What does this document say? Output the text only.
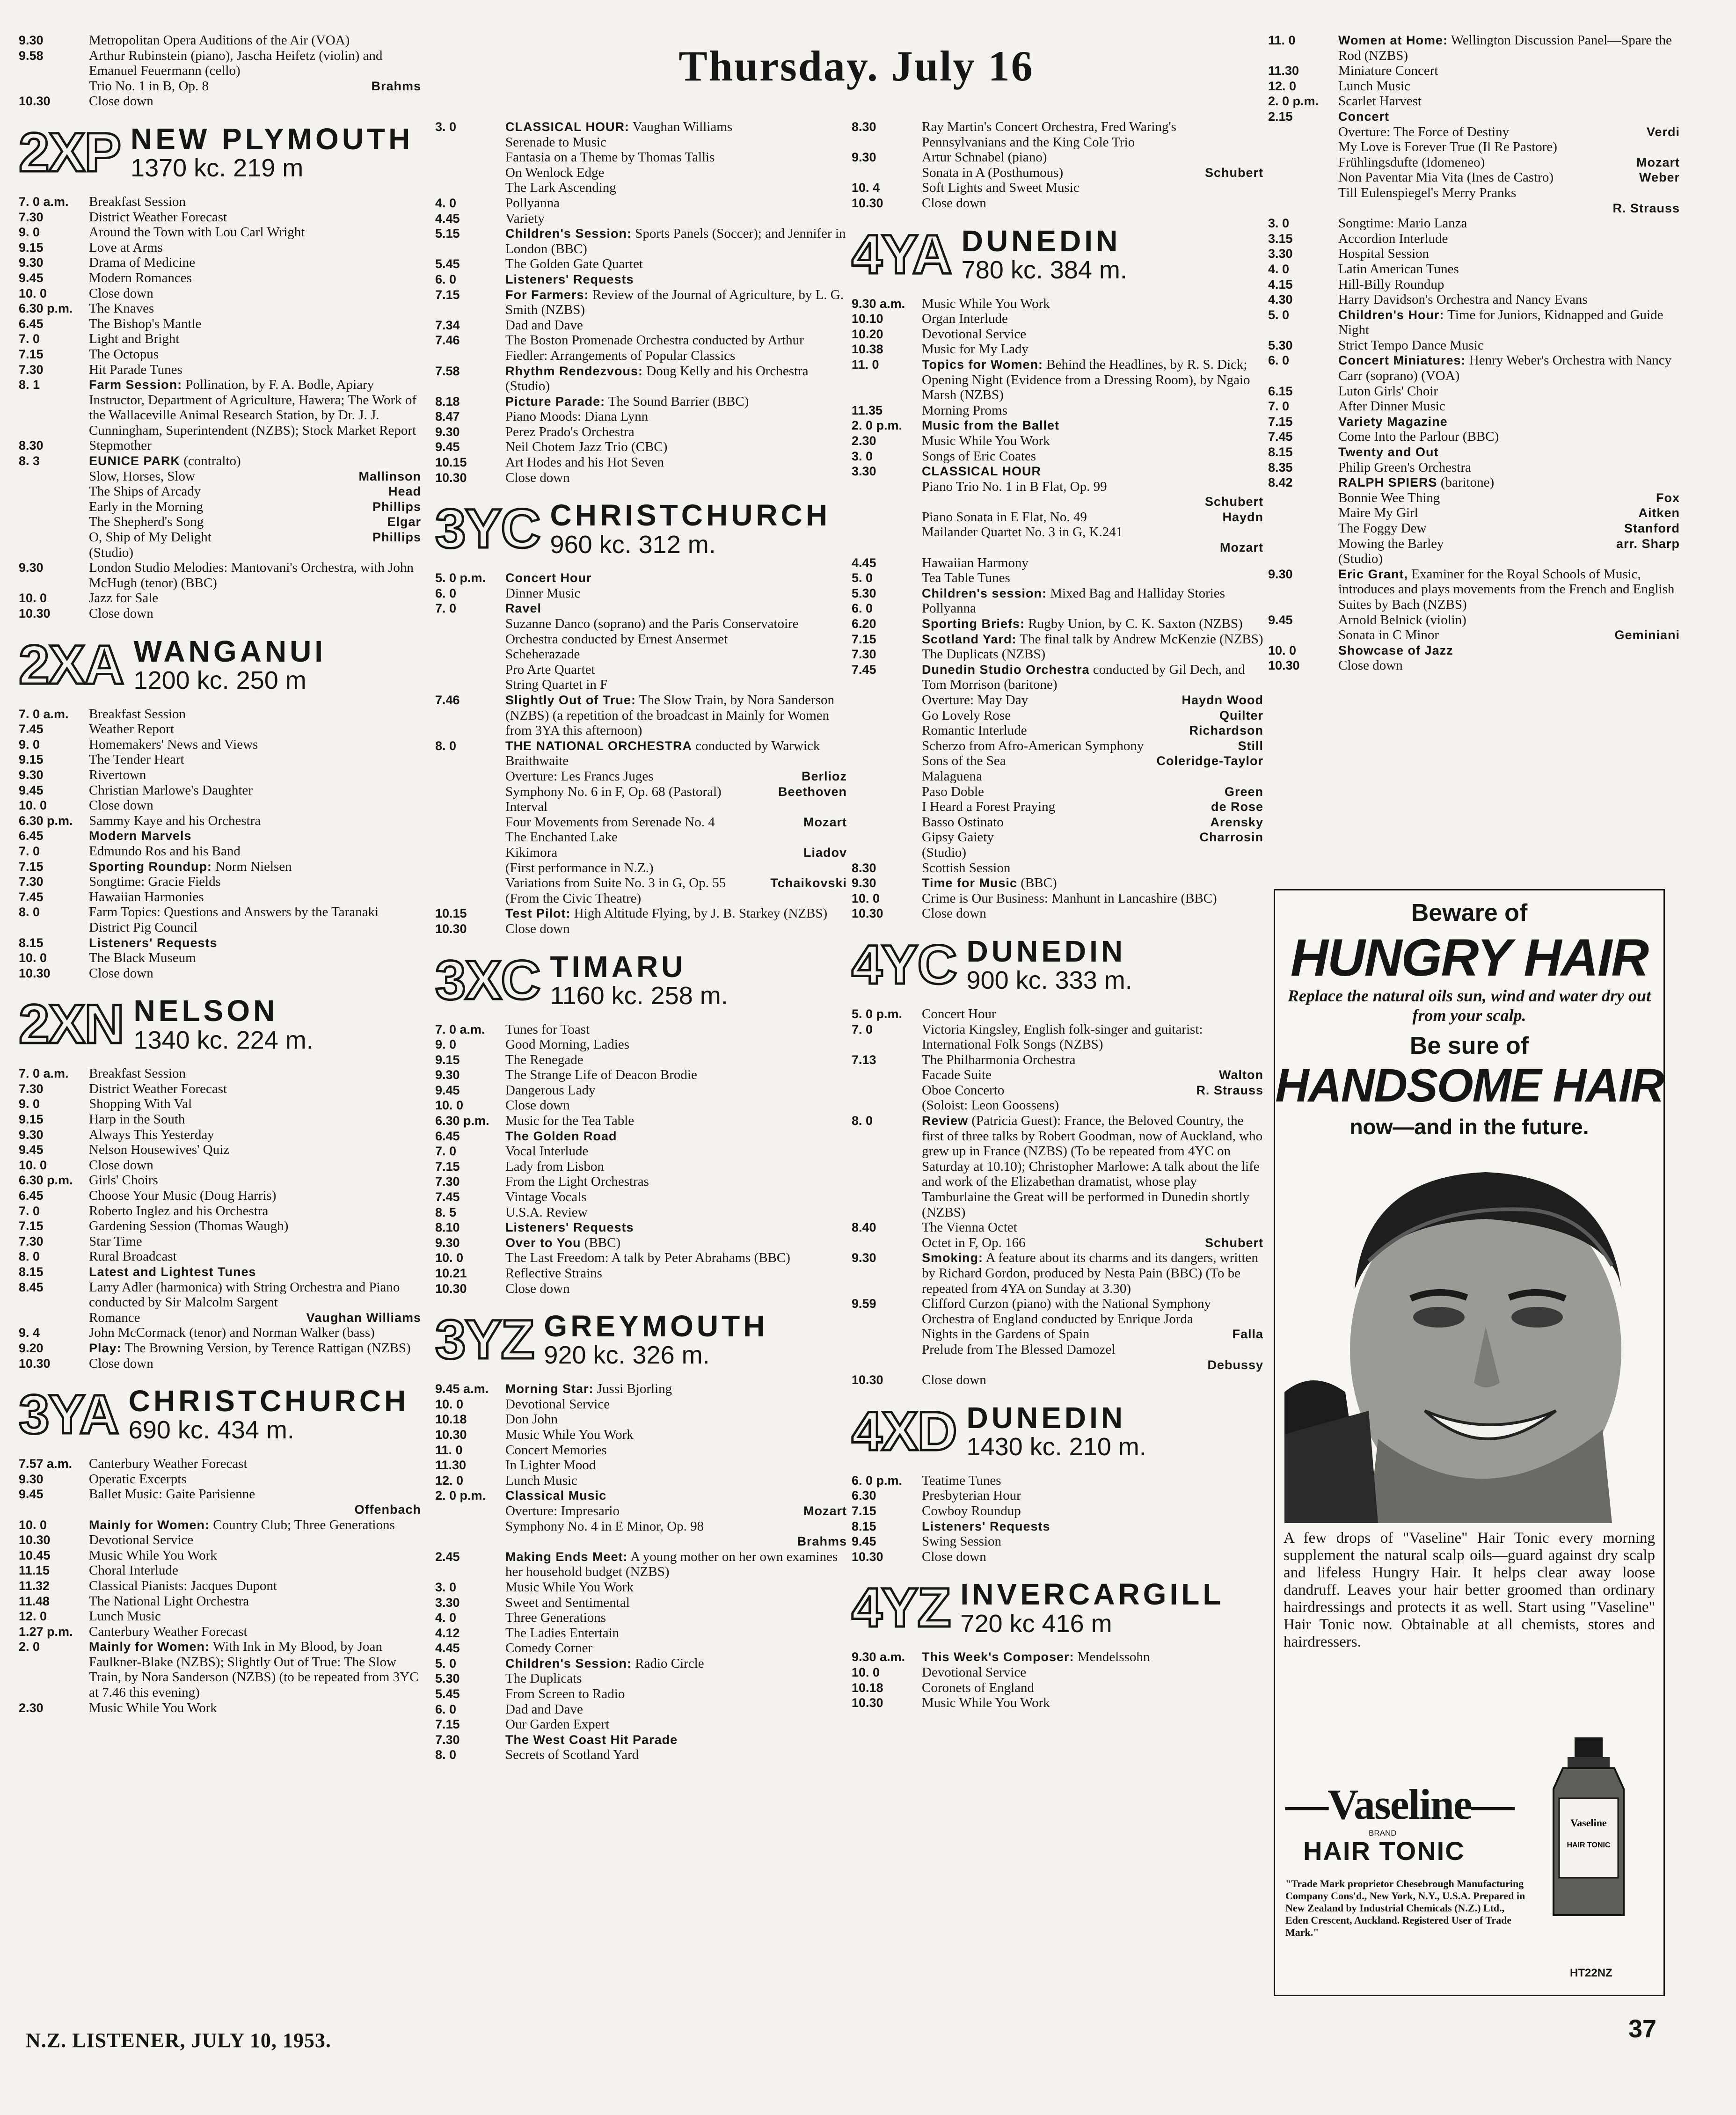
Thursday. July 16
9.30	Metropolitan Opera Auditions of the Air (VOA)
9.58	Arthur Rubinstein (piano), Jascha Heifetz (violin) and Emanuel Feuermann (cello)
Trio No. 1 in B, Op. 8	Brahms
10.30	Close down
2XP NEW PLYMOUTH
1370 kc. 219 m
7. 0 a.m.	Breakfast Session
7.30	District Weather Forecast
9. 0	Around the Town with Lou Carl Wright
9.15	Love at Arms
9.30	Drama of Medicine
9.45	Modern Romances
10. 0	Close down
6.30 p.m.	The Knaves
6.45	The Bishop's Mantle
7. 0	Light and Bright
7.15	The Octopus
7.30	Hit Parade Tunes
8. 1	Farm Session: Pollination, by F. A. Bodle, Apiary Instructor, Department of Agriculture, Hawera; The Work of the Wallaceville Animal Research Station, by Dr. J. J. Cunningham, Superintendent (NZBS); Stock Market Report
8.30	Stepmother
8. 3	EUNICE PARK (contralto)
Slow, Horses, Slow	Mallinson
The Ships of Arcady	Head
Early in the Morning	Phillips
The Shepherd's Song	Elgar
O, Ship of My Delight	Phillips
(Studio)
9.30	London Studio Melodies: Mantovani's Orchestra, with John McHugh (tenor) (BBC)
10. 0	Jazz for Sale
10.30	Close down
2XA WANGANUI
1200 kc. 250 m
7. 0 a.m.	Breakfast Session
7.45	Weather Report
9. 0	Homemakers' News and Views
9.15	The Tender Heart
9.30	Rivertown
9.45	Christian Marlowe's Daughter
10. 0	Close down
6.30 p.m.	Sammy Kaye and his Orchestra
6.45	Modern Marvels
7. 0	Edmundo Ros and his Band
7.15	Sporting Roundup: Norm Nielsen
7.30	Songtime: Gracie Fields
7.45	Hawaiian Harmonies
8. 0	Farm Topics: Questions and Answers by the Taranaki District Pig Council
8.15	Listeners' Requests
10. 0	The Black Museum
10.30	Close down
2XN NELSON
1340 kc. 224 m.
7. 0 a.m.	Breakfast Session
7.30	District Weather Forecast
9. 0	Shopping With Val
9.15	Harp in the South
9.30	Always This Yesterday
9.45	Nelson Housewives' Quiz
10. 0	Close down
6.30 p.m.	Girls' Choirs
6.45	Choose Your Music (Doug Harris)
7. 0	Roberto Inglez and his Orchestra
7.15	Gardening Session (Thomas Waugh)
7.30	Star Time
8. 0	Rural Broadcast
8.15	Latest and Lightest Tunes
8.45	Larry Adler (harmonica) with String Orchestra and Piano conducted by Sir Malcolm Sargent
Romance	Vaughan Williams
9. 4	John McCormack (tenor) and Norman Walker (bass)
9.20	Play: The Browning Version, by Terence Rattigan (NZBS)
10.30	Close down
3YA CHRISTCHURCH
690 kc. 434 m.
7.57 a.m.	Canterbury Weather Forecast
9.30	Operatic Excerpts
9.45	Ballet Music: Gaite Parisienne
Offenbach
10. 0	Mainly for Women: Country Club; Three Generations
10.30	Devotional Service
10.45	Music While You Work
11.15	Choral Interlude
11.32	Classical Pianists: Jacques Dupont
11.48	The National Light Orchestra
12. 0	Lunch Music
1.27 p.m.	Canterbury Weather Forecast
2. 0	Mainly for Women: With Ink in My Blood, by Joan Faulkner-Blake (NZBS); Slightly Out of True: The Slow Train, by Nora Sanderson (NZBS) (to be repeated from 3YC at 7.46 this evening)
2.30	Music While You Work
3. 0	CLASSICAL HOUR: Vaughan Williams
Serenade to Music
Fantasia on a Theme by Thomas Tallis
On Wenlock Edge
The Lark Ascending
4. 0	Pollyanna
4.45	Variety
5.15	Children's Session: Sports Panels (Soccer); and Jennifer in London (BBC)
5.45	The Golden Gate Quartet
6. 0	Listeners' Requests
7.15	For Farmers: Review of the Journal of Agriculture, by L. G. Smith (NZBS)
7.34	Dad and Dave
7.46	The Boston Promenade Orchestra conducted by Arthur Fiedler: Arrangements of Popular Classics
7.58	Rhythm Rendezvous: Doug Kelly and his Orchestra (Studio)
8.18	Picture Parade: The Sound Barrier (BBC)
8.47	Piano Moods: Diana Lynn
9.30	Perez Prado's Orchestra
9.45	Neil Chotem Jazz Trio (CBC)
10.15	Art Hodes and his Hot Seven
10.30	Close down
3YC CHRISTCHURCH
960 kc. 312 m.
5. 0 p.m.	Concert Hour
6. 0	Dinner Music
7. 0	Ravel
Suzanne Danco (soprano) and the Paris Conservatoire Orchestra conducted by Ernest Ansermet
Scheherazade
Pro Arte Quartet
String Quartet in F
7.46	Slightly Out of True: The Slow Train, by Nora Sanderson (NZBS) (a repetition of the broadcast in Mainly for Women from 3YA this afternoon)
8. 0	THE NATIONAL ORCHESTRA conducted by Warwick Braithwaite
Overture: Les Francs Juges	Berlioz
Symphony No. 6 in F, Op. 68 (Pastoral)	Beethoven
Interval
Four Movements from Serenade No. 4	Mozart
The Enchanted Lake
Kikimora	Liadov
(First performance in N.Z.)
Variations from Suite No. 3 in G, Op. 55	Tchaikovski
(From the Civic Theatre)
10.15	Test Pilot: High Altitude Flying, by J. B. Starkey (NZBS)
10.30	Close down
3XC TIMARU
1160 kc. 258 m.
7. 0 a.m.	Tunes for Toast
9. 0	Good Morning, Ladies
9.15	The Renegade
9.30	The Strange Life of Deacon Brodie
9.45	Dangerous Lady
10. 0	Close down
6.30 p.m.	Music for the Tea Table
6.45	The Golden Road
7. 0	Vocal Interlude
7.15	Lady from Lisbon
7.30	From the Light Orchestras
7.45	Vintage Vocals
8. 5	U.S.A. Review
8.10	Listeners' Requests
9.30	Over to You (BBC)
10. 0	The Last Freedom: A talk by Peter Abrahams (BBC)
10.21	Reflective Strains
10.30	Close down
3YZ GREYMOUTH
920 kc. 326 m.
9.45 a.m.	Morning Star: Jussi Bjorling
10. 0	Devotional Service
10.18	Don John
10.30	Music While You Work
11. 0	Concert Memories
11.30	In Lighter Mood
12. 0	Lunch Music
2. 0 p.m.	Classical Music
Overture: Impresario	Mozart
Symphony No. 4 in E Minor, Op. 98
Brahms
2.45	Making Ends Meet: A young mother on her own examines her household budget (NZBS)
3. 0	Music While You Work
3.30	Sweet and Sentimental
4. 0	Three Generations
4.12	The Ladies Entertain
4.45	Comedy Corner
5. 0	Children's Session: Radio Circle
5.30	The Duplicats
5.45	From Screen to Radio
6. 0	Dad and Dave
7.15	Our Garden Expert
7.30	The West Coast Hit Parade
8. 0	Secrets of Scotland Yard
8.30	Ray Martin's Concert Orchestra, Fred Waring's Pennsylvanians and the King Cole Trio
9.30	Artur Schnabel (piano)
Sonata in A (Posthumous)	Schubert
10. 4	Soft Lights and Sweet Music
10.30	Close down
4YA DUNEDIN
780 kc. 384 m.
9.30 a.m.	Music While You Work
10.10	Organ Interlude
10.20	Devotional Service
10.38	Music for My Lady
11. 0	Topics for Women: Behind the Headlines, by R. S. Dick; Opening Night (Evidence from a Dressing Room), by Ngaio Marsh (NZBS)
11.35	Morning Proms
2. 0 p.m.	Music from the Ballet
2.30	Music While You Work
3. 0	Songs of Eric Coates
3.30	CLASSICAL HOUR
Piano Trio No. 1 in B Flat, Op. 99
Schubert
Piano Sonata in E Flat, No. 49	Haydn
Mailander Quartet No. 3 in G, K.241
Mozart
4.45	Hawaiian Harmony
5. 0	Tea Table Tunes
5.30	Children's session: Mixed Bag and Halliday Stories
6. 0	Pollyanna
6.20	Sporting Briefs: Rugby Union, by C. K. Saxton (NZBS)
7.15	Scotland Yard: The final talk by Andrew McKenzie (NZBS)
7.30	The Duplicats (NZBS)
7.45	Dunedin Studio Orchestra conducted by Gil Dech, and Tom Morrison (baritone)
Overture: May Day	Haydn Wood
Go Lovely Rose	Quilter
Romantic Interlude	Richardson
Scherzo from Afro-American Symphony	Still
Sons of the Sea	Coleridge-Taylor
Malaguena
Paso Doble	Green
I Heard a Forest Praying	de Rose
Basso Ostinato	Arensky
Gipsy Gaiety	Charrosin
(Studio)
8.30	Scottish Session
9.30	Time for Music (BBC)
10. 0	Crime is Our Business: Manhunt in Lancashire (BBC)
10.30	Close down
4YC DUNEDIN
900 kc. 333 m.
5. 0 p.m.	Concert Hour
7. 0	Victoria Kingsley, English folk-singer and guitarist: International Folk Songs (NZBS)
7.13	The Philharmonia Orchestra
Facade Suite	Walton
Oboe Concerto	R. Strauss
(Soloist: Leon Goossens)
8. 0	Review (Patricia Guest): France, the Beloved Country, the first of three talks by Robert Goodman, now of Auckland, who grew up in France (NZBS) (To be repeated from 4YC on Saturday at 10.10); Christopher Marlowe: A talk about the life and work of the Elizabethan dramatist, whose play Tamburlaine the Great will be performed in Dunedin shortly (NZBS)
8.40	The Vienna Octet
Octet in F, Op. 166	Schubert
9.30	Smoking: A feature about its charms and its dangers, written by Richard Gordon, produced by Nesta Pain (BBC) (To be repeated from 4YA on Sunday at 3.30)
9.59	Clifford Curzon (piano) with the National Symphony Orchestra of England conducted by Enrique Jorda
Nights in the Gardens of Spain	Falla
Prelude from The Blessed Damozel
Debussy
10.30	Close down
4XD DUNEDIN
1430 kc. 210 m.
6. 0 p.m.	Teatime Tunes
6.30	Presbyterian Hour
7.15	Cowboy Roundup
8.15	Listeners' Requests
9.45	Swing Session
10.30	Close down
4YZ INVERCARGILL
720 kc 416 m
9.30 a.m.	This Week's Composer: Mendelssohn
10. 0	Devotional Service
10.18	Coronets of England
10.30	Music While You Work
11. 0	Women at Home: Wellington Discussion Panel—Spare the Rod (NZBS)
11.30	Miniature Concert
12. 0	Lunch Music
2. 0 p.m.	Scarlet Harvest
2.15	Concert
Overture: The Force of Destiny	Verdi
My Love is Forever True (Il Re Pastore)
Frühlingsdufte (Idomeneo)	Mozart
Non Paventar Mia Vita (Ines de Castro)	Weber
Till Eulenspiegel's Merry Pranks
R. Strauss
3. 0	Songtime: Mario Lanza
3.15	Accordion Interlude
3.30	Hospital Session
4. 0	Latin American Tunes
4.15	Hill-Billy Roundup
4.30	Harry Davidson's Orchestra and Nancy Evans
5. 0	Children's Hour: Time for Juniors, Kidnapped and Guide Night
5.30	Strict Tempo Dance Music
6. 0	Concert Miniatures: Henry Weber's Orchestra with Nancy Carr (soprano) (VOA)
6.15	Luton Girls' Choir
7. 0	After Dinner Music
7.15	Variety Magazine
7.45	Come Into the Parlour (BBC)
8.15	Twenty and Out
8.35	Philip Green's Orchestra
8.42	RALPH SPIERS (baritone)
Bonnie Wee Thing	Fox
Maire My Girl	Aitken
The Foggy Dew	Stanford
Mowing the Barley	arr. Sharp
(Studio)
9.30	Eric Grant, Examiner for the Royal Schools of Music, introduces and plays movements from the French and English Suites by Bach (NZBS)
9.45	Arnold Belnick (violin)
Sonata in C Minor	Geminiani
10. 0	Showcase of Jazz
10.30	Close down
Beware of
HUNGRY HAIR
Replace the natural oils sun, wind and water dry out from your scalp.
Be sure of
HANDSOME HAIR
now—and in the future.
A few drops of "Vaseline" Hair Tonic every morning supplement the natural scalp oils—guard against dry scalp and lifeless Hungry Hair. It helps clear away loose dandruff. Leaves your hair better groomed than ordinary hairdressings and protects it as well. Start using "Vaseline" Hair Tonic now. Obtainable at all chemists, stores and hairdressers.
—Vaseline—
BRAND
HAIR TONIC
"Trade Mark proprietor Chesebrough Manufacturing Company Cons'd., New York, N.Y., U.S.A. Prepared in New Zealand by Industrial Chemicals (N.Z.) Ltd., Eden Crescent, Auckland. Registered User of Trade Mark."
Vaseline
HAIR TONIC
HT22NZ
N.Z. LISTENER, JULY 10, 1953.	37
